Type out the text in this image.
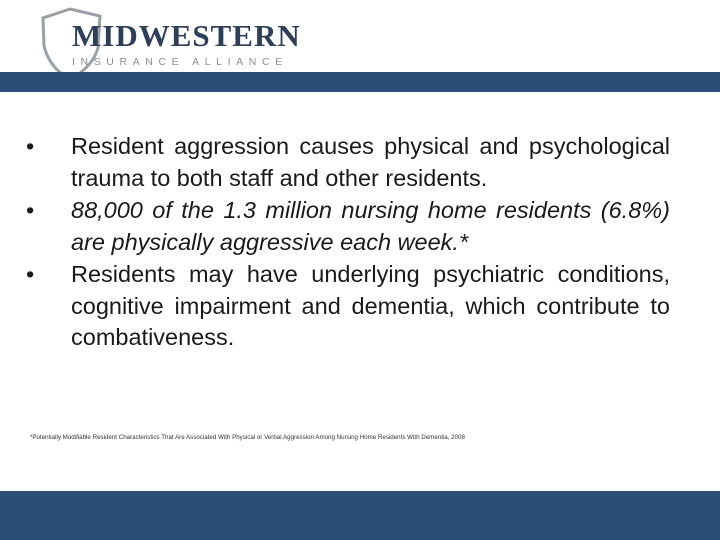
MIDWESTERN
INSURANCE ALLIANCE
•	Resident aggression causes physical and psychological trauma to both staff and other residents.
•	88,000 of the 1.3 million nursing home residents (6.8%) are physically aggressive each week.*
•	Residents may have underlying psychiatric conditions, cognitive impairment and dementia, which contribute to combativeness.
*Potentially Modifiable Resident Characteristics That Are Associated With Physical or Verbal Aggression Among Nursing Home Residents With Dementia, 2008
